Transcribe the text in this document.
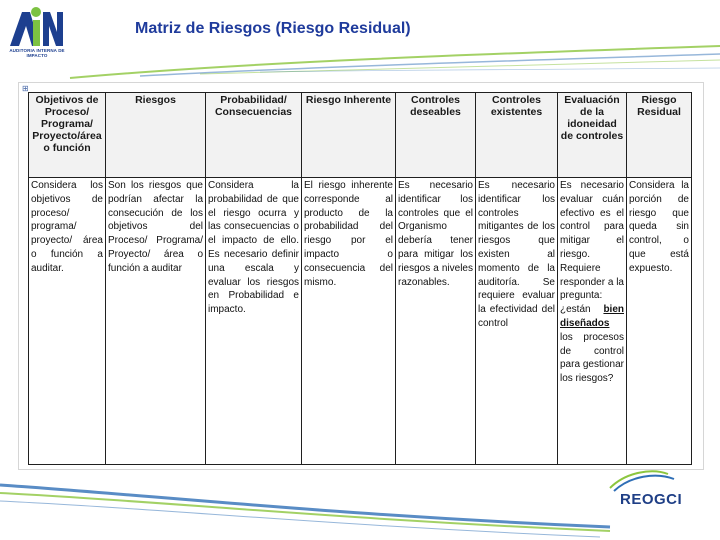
AUDITORIA INTERNA DE IMPACTO
Matriz de Riesgos (Riesgo Residual)
⊞
Objetivos de Proceso/ Programa/ Proyecto/área o función	Riesgos	Probabilidad/ Consecuencias	Riesgo Inherente	Controles deseables	Controles existentes	Evaluación de la idoneidad de controles	Riesgo Residual
Considera los objetivos de proceso/ programa/ proyecto/ área o función a auditar.	Son los riesgos que podrían afectar la consecución de los objetivos del Proceso/ Programa/ Proyecto/ área o función a auditar	Considera la probabilidad de que el riesgo ocurra y las consecuencias o el impacto de ello. Es necesario definir una escala y evaluar los riesgos en Probabilidad e impacto.	El riesgo inherente corresponde al producto de la probabilidad del riesgo por el impacto o consecuencia del mismo.	Es necesario identificar los controles que el Organismo debería tener para mitigar los riesgos a niveles razonables.	Es necesario identificar los controles mitigantes de los riesgos que existen al momento de la auditoría. Se requiere evaluar la efectividad del control	Es necesario evaluar cuán efectivo es el control para mitigar el riesgo. Requiere responder a la pregunta: ¿están bien diseñados los procesos de control para gestionar los riesgos?	Considera la porción de riesgo que queda sin control, o que está expuesto.
REOGCI
